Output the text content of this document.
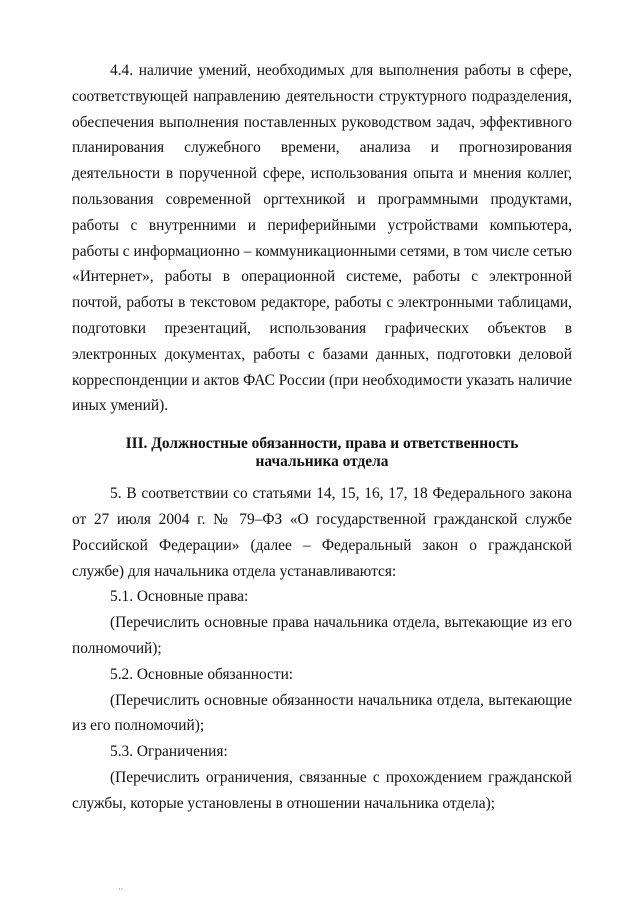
4.4. наличие умений, необходимых для выполнения работы в сфере, соответствующей направлению деятельности структурного подразделения, обеспечения выполнения поставленных руководством задач, эффективного планирования служебного времени, анализа и прогнозирования деятельности в порученной сфере, использования опыта и мнения коллег, пользования современной оргтехникой и программными продуктами, работы с внутренними и периферийными устройствами компьютера, работы с информационно – коммуникационными сетями, в том числе сетью «Интернет», работы в операционной системе, работы с электронной почтой, работы в текстовом редакторе, работы с электронными таблицами, подготовки презентаций, использования графических объектов в электронных документах, работы с базами данных, подготовки деловой корреспонденции и актов ФАС России (при необходимости указать наличие иных умений).

III. Должностные обязанности, права и ответственность
начальника отдела

5. В соответствии со статьями 14, 15, 16, 17, 18 Федерального закона от 27 июля 2004 г. № 79–ФЗ «О государственной гражданской службе Российской Федерации» (далее – Федеральный закон о гражданской службе) для начальника отдела устанавливаются:

5.1. Основные права:

(Перечислить основные права начальника отдела, вытекающие из его полномочий);

5.2. Основные обязанности:

(Перечислить основные обязанности начальника отдела, вытекающие из его полномочий);

5.3. Ограничения:

(Перечислить ограничения, связанные с прохождением гражданской службы, которые установлены в отношении начальника отдела);

··
